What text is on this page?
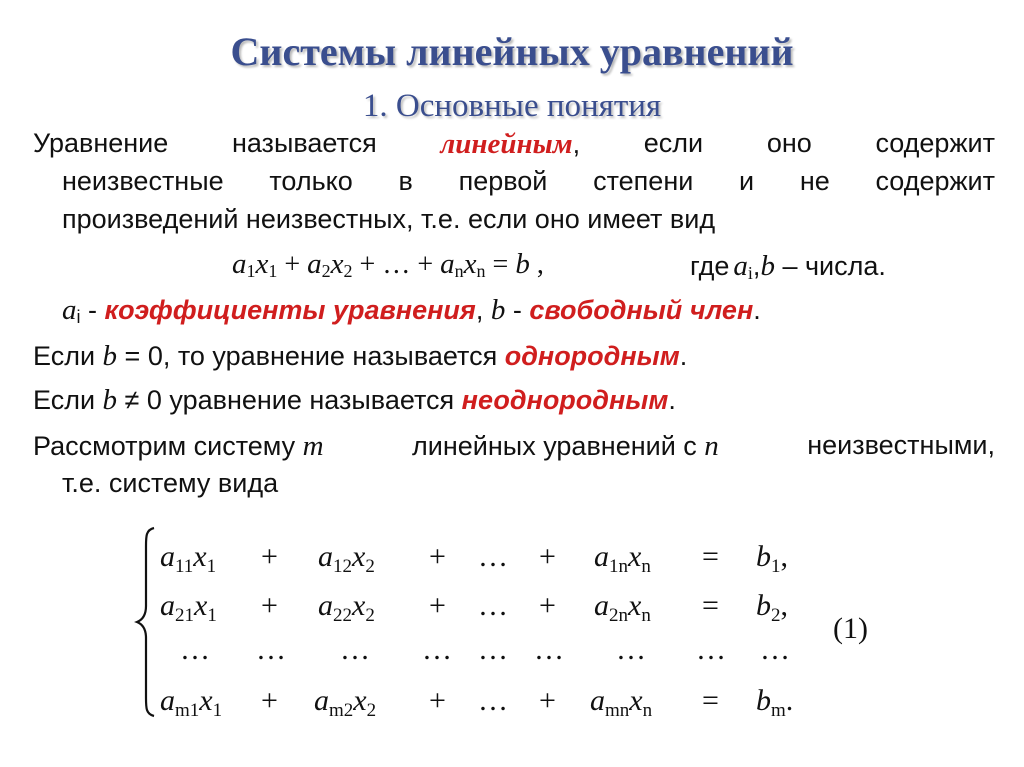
Системы линейных уравнений
1. Основные понятия
Уравнение называется линейным, если оно содержит
неизвестные только в первой степени и не содержит
произведений неизвестных, т.е. если оно имеет вид
$a_1x_1 + a_2x_2$ + … + $a_nx_n = b$ ,	где $a_i,b$ – числа.
$a_i$ - коэффициенты уравнения, b - свободный член.
Если b = 0, то уравнение называется однородным.
Если b ≠ 0 уравнение называется неоднородным.
Рассмотрим систему m	линейных уравнений с n	неизвестными,
т.е. систему вида
$a_{11}x_1 + a_{12}x_2$ + … + $a_{1n}x_n = b_1$,
$a_{21}x_1 + a_{22}x_2$ + … + $a_{2n}x_n = b_2$,
… … … … … … … … …
$a_{m1}x_1 + a_{m2}x_2$ + … + $a_{mn}x_n = b_m$.
(1)
